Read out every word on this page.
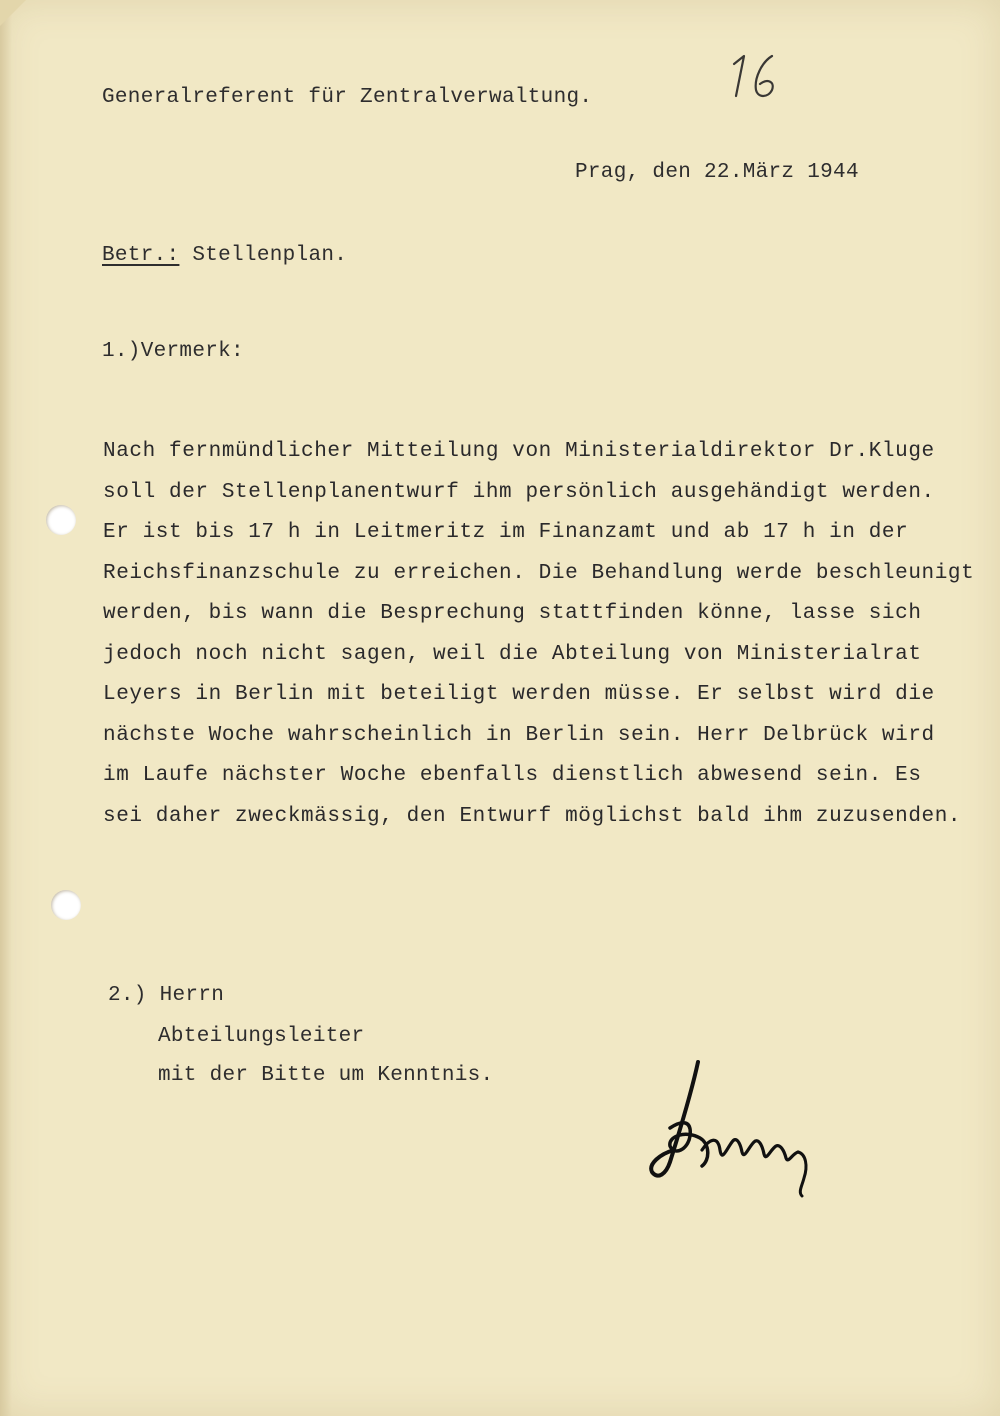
Generalreferent für Zentralverwaltung.
Prag, den 22.März 1944
Betr.: Stellenplan.
1.)Vermerk:
Nach fernmündlicher Mitteilung von Ministerialdirektor Dr.Kluge
soll der Stellenplanentwurf ihm persönlich ausgehändigt werden.
Er ist bis 17 h in Leitmeritz im Finanzamt und ab 17 h in der
Reichsfinanzschule zu erreichen. Die Behandlung werde beschleunigt
werden, bis wann die Besprechung stattfinden könne, lasse sich
jedoch noch nicht sagen, weil die Abteilung von Ministerialrat
Leyers in Berlin mit beteiligt werden müsse. Er selbst wird die
nächste Woche wahrscheinlich in Berlin sein. Herr Delbrück wird
im Laufe nächster Woche ebenfalls dienstlich abwesend sein. Es
sei daher zweckmässig, den Entwurf möglichst bald ihm zuzusenden.
2.) Herrn
Abteilungsleiter
mit der Bitte um Kenntnis.
